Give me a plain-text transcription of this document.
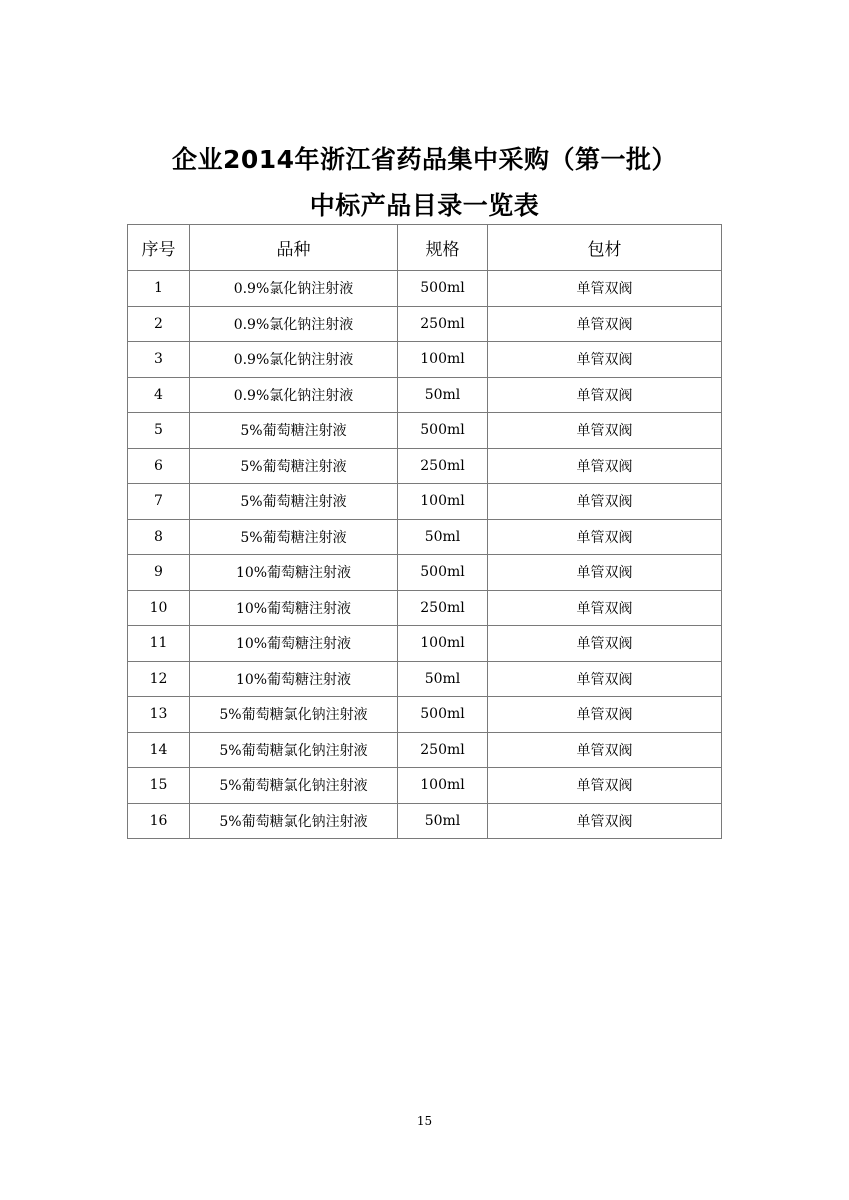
企业2014年浙江省药品集中采购（第一批）
中标产品目录一览表
序号	品种	规格	包材
1	0.9%氯化钠注射液	500ml	单管双阀
2	0.9%氯化钠注射液	250ml	单管双阀
3	0.9%氯化钠注射液	100ml	单管双阀
4	0.9%氯化钠注射液	50ml	单管双阀
5	5%葡萄糖注射液	500ml	单管双阀
6	5%葡萄糖注射液	250ml	单管双阀
7	5%葡萄糖注射液	100ml	单管双阀
8	5%葡萄糖注射液	50ml	单管双阀
9	10%葡萄糖注射液	500ml	单管双阀
10	10%葡萄糖注射液	250ml	单管双阀
11	10%葡萄糖注射液	100ml	单管双阀
12	10%葡萄糖注射液	50ml	单管双阀
13	5%葡萄糖氯化钠注射液	500ml	单管双阀
14	5%葡萄糖氯化钠注射液	250ml	单管双阀
15	5%葡萄糖氯化钠注射液	100ml	单管双阀
16	5%葡萄糖氯化钠注射液	50ml	单管双阀
15
